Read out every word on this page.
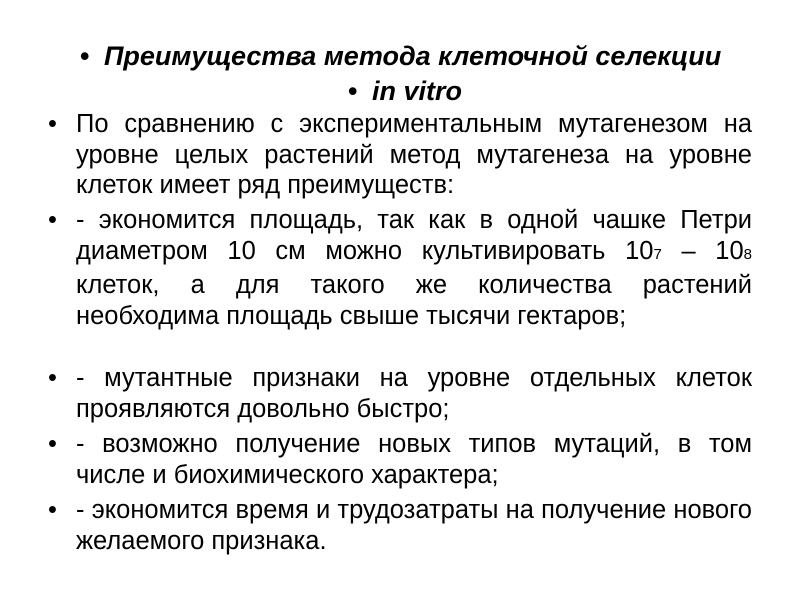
• Преимущества метода клеточной селекции
• in vitro
• По сравнению с экспериментальным мутагенезом на уровне целых растений метод мутагенеза на уровне клеток имеет ряд преимуществ:
• - экономится площадь, так как в одной чашке Петри диаметром 10 см можно культивировать 107 – 108 клеток, а для такого же количества растений необходима площадь свыше тысячи гектаров;
• - мутантные признаки на уровне отдельных клеток проявляются довольно быстро;
• - возможно получение новых типов мутаций, в том числе и биохимического характера;
• - экономится время и трудозатраты на получение нового желаемого признака.
